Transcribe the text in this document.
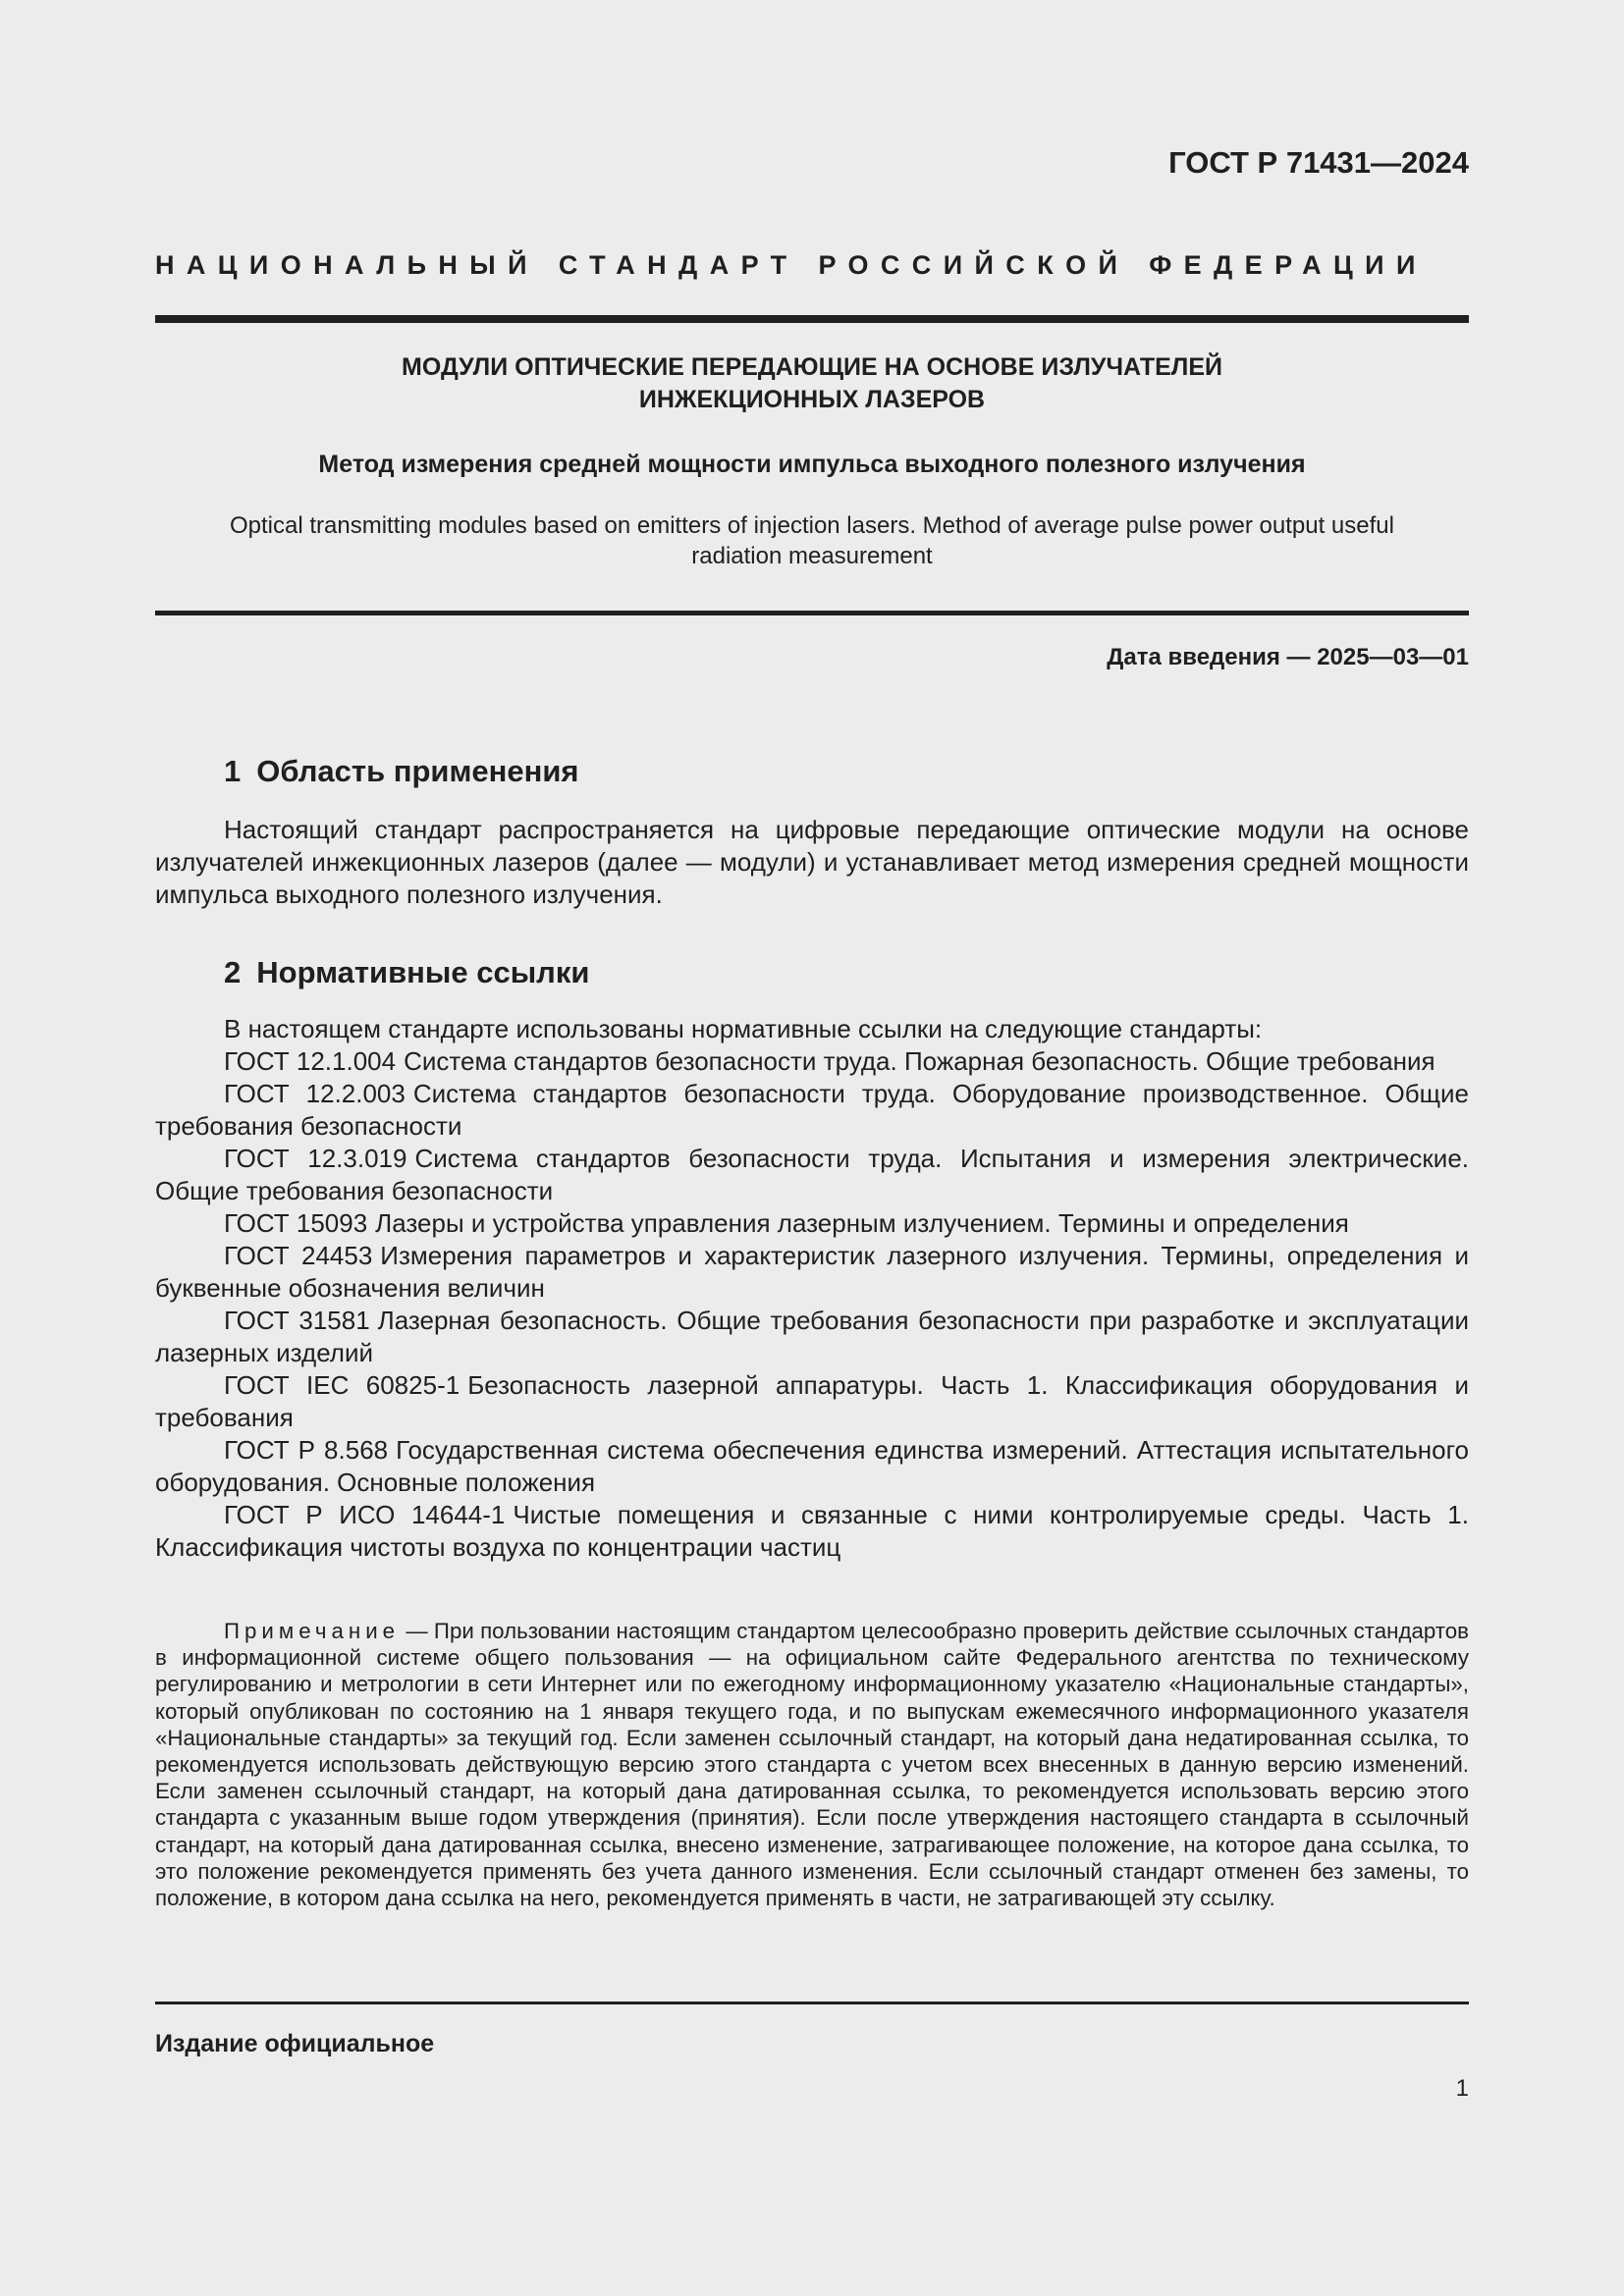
ГОСТ Р 71431—2024
НАЦИОНАЛЬНЫЙ СТАНДАРТ РОССИЙСКОЙ ФЕДЕРАЦИИ
МОДУЛИ ОПТИЧЕСКИЕ ПЕРЕДАЮЩИЕ НА ОСНОВЕ ИЗЛУЧАТЕЛЕЙ
ИНЖЕКЦИОННЫХ ЛАЗЕРОВ
Метод измерения средней мощности импульса выходного полезного излучения
Optical transmitting modules based on emitters of injection lasers. Method of average pulse power output useful
radiation measurement
Дата введения — 2025—03—01
1 Область применения
Настоящий стандарт распространяется на цифровые передающие оптические модули на основе излучателей инжекционных лазеров (далее — модули) и устанавливает метод измерения средней мощности импульса выходного полезного излучения.
2 Нормативные ссылки

В настоящем стандарте использованы нормативные ссылки на следующие стандарты:

ГОСТ 12.1.004 Система стандартов безопасности труда. Пожарная безопасность. Общие требования

ГОСТ 12.2.003 Система стандартов безопасности труда. Оборудование производственное. Общие требования безопасности

ГОСТ 12.3.019 Система стандартов безопасности труда. Испытания и измерения электрические. Общие требования безопасности

ГОСТ 15093 Лазеры и устройства управления лазерным излучением. Термины и определения

ГОСТ 24453 Измерения параметров и характеристик лазерного излучения. Термины, определения и буквенные обозначения величин

ГОСТ 31581 Лазерная безопасность. Общие требования безопасности при разработке и эксплуатации лазерных изделий

ГОСТ IEC 60825-1 Безопасность лазерной аппаратуры. Часть 1. Классификация оборудования и требования

ГОСТ Р 8.568 Государственная система обеспечения единства измерений. Аттестация испытательного оборудования. Основные положения

ГОСТ Р ИСО 14644-1 Чистые помещения и связанные с ними контролируемые среды. Часть 1. Классификация чистоты воздуха по концентрации частиц

Примечание — При пользовании настоящим стандартом целесообразно проверить действие ссылочных стандартов в информационной системе общего пользования — на официальном сайте Федерального агентства по техническому регулированию и метрологии в сети Интернет или по ежегодному информационному указателю «Национальные стандарты», который опубликован по состоянию на 1 января текущего года, и по выпускам ежемесячного информационного указателя «Национальные стандарты» за текущий год. Если заменен ссылочный стандарт, на который дана недатированная ссылка, то рекомендуется использовать действующую версию этого стандарта с учетом всех внесенных в данную версию изменений. Если заменен ссылочный стандарт, на который дана датированная ссылка, то рекомендуется использовать версию этого стандарта с указанным выше годом утверждения (принятия). Если после утверждения настоящего стандарта в ссылочный стандарт, на который дана датированная ссылка, внесено изменение, затрагивающее положение, на которое дана ссылка, то это положение рекомендуется применять без учета данного изменения. Если ссылочный стандарт отменен без замены, то положение, в котором дана ссылка на него, рекомендуется применять в части, не затрагивающей эту ссылку.
Издание официальное
1
